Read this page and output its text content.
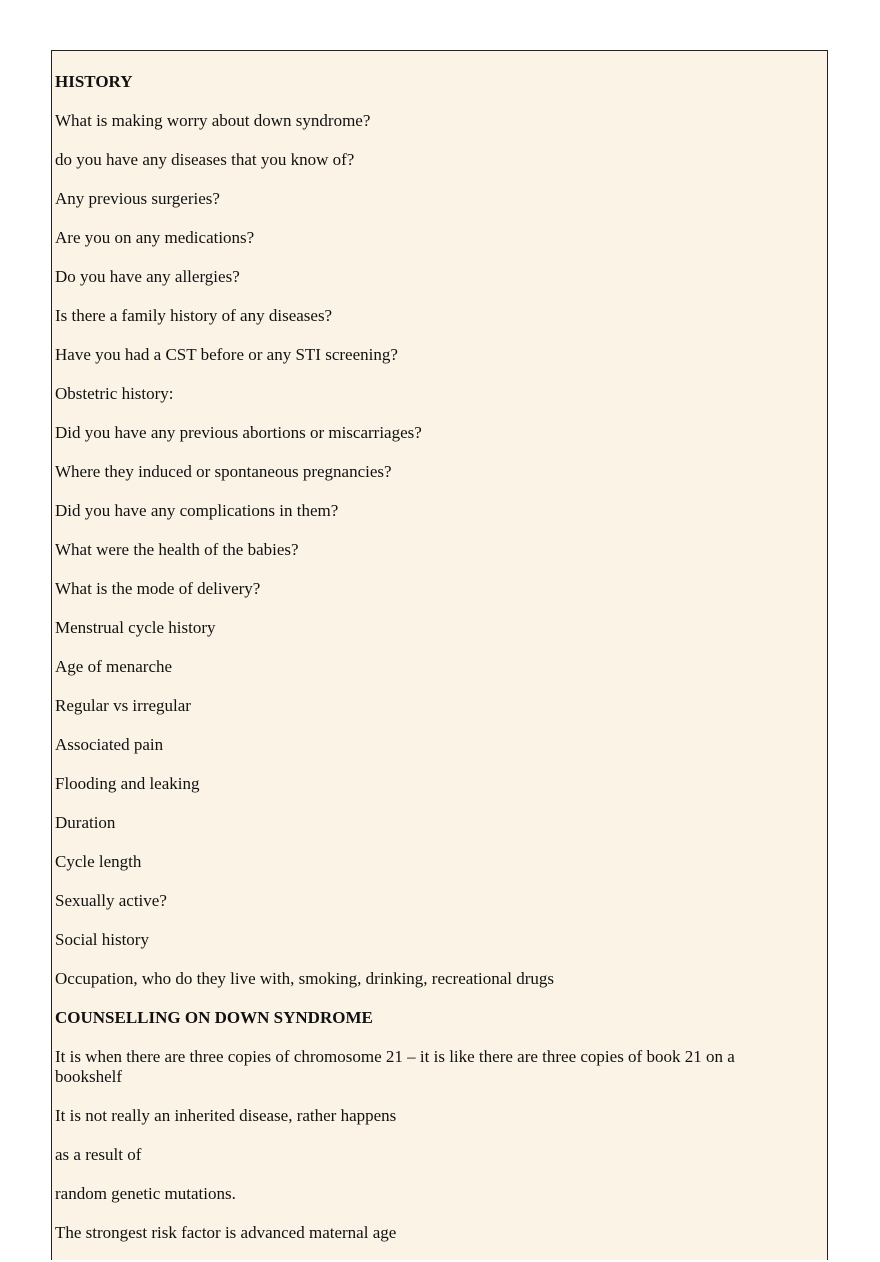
HISTORY
What is making worry about down syndrome?
do you have any diseases that you know of?
Any previous surgeries?
Are you on any medications?
Do you have any allergies?
Is there a family history of any diseases?
Have you had a CST before or any STI screening?
Obstetric history:
Did you have any previous abortions or miscarriages?
Where they induced or spontaneous pregnancies?
Did you have any complications in them?
What were the health of the babies?
What is the mode of delivery?
Menstrual cycle history
Age of menarche
Regular vs irregular
Associated pain
Flooding and leaking
Duration
Cycle length
Sexually active?
Social history
Occupation, who do they live with, smoking, drinking, recreational drugs
COUNSELLING ON DOWN SYNDROME
It is when there are three copies of chromosome 21 – it is like there are three copies of book 21 on a bookshelf
It is not really an inherited disease, rather happens
as a result of
random genetic mutations.
The strongest risk factor is advanced maternal age
